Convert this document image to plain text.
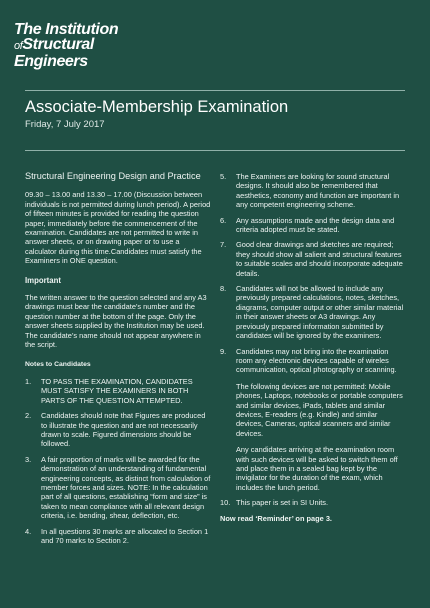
The Institution
ofStructural
Engineers
Associate-Membership Examination
Friday, 7 July 2017
Structural Engineering Design and Practice

09.30 – 13.00 and 13.30 – 17.00 (Discussion between individuals is not permitted during lunch period). A period of fifteen minutes is provided for reading the question paper, immediately before the commencement of the examination. Candidates are not permitted to write in answer sheets, or on drawing paper or to use a calculator during this time.Candidates must satisfy the Examiners in ONE question.

Important

The written answer to the question selected and any A3 drawings must bear the candidate’s number and the question number at the bottom of the page. Only the answer sheets supplied by the Institution may be used. The candidate’s name should not appear anywhere in the script.

Notes to Candidates
1.	TO PASS THE EXAMINATION, CANDIDATES MUST SATISFY THE EXAMINERS IN BOTH PARTS OF THE QUESTION ATTEMPTED.
2.	Candidates should note that Figures are produced to illustrate the question and are not necessarily drawn to scale. Figured dimensions should be followed.
3.	A fair proportion of marks will be awarded for the demonstration of an understanding of fundamental engineering concepts, as distinct from calculation of member forces and sizes. NOTE: In the calculation part of all questions, establishing “form and size” is taken to mean compliance with all relevant design criteria, i.e. bending, shear, deflection, etc.
4.	In all questions 30 marks are allocated to Section 1 and 70 marks to Section 2.
5.	The Examiners are looking for sound structural designs. It should also be remembered that aesthetics, economy and function are important in any competent engineering scheme.
6.	Any assumptions made and the design data and criteria adopted must be stated.
7.	Good clear drawings and sketches are required; they should show all salient and structural features to suitable scales and should incorporate adequate details.
8.	Candidates will not be allowed to include any previously prepared calculations, notes, sketches, diagrams, computer output or other similar material in their answer sheets or A3 drawings. Any previously prepared information submitted by candidates will be ignored by the examiners.
9.	Candidates may not bring into the examination room any electronic devices capable of wireles communication, optical photography or scanning.

The following devices are not permitted: Mobile phones, Laptops, notebooks or portable computers and similar devices, iPads, tablets and similar devices, E-readers (e.g. Kindle) and similar devices, Cameras, optical scanners and similar devices.

Any candidates arriving at the examination room with such devices will be asked to switch them off and place them in a sealed bag kept by the invigilator for the duration of the exam, which includes the lunch period.

10. This paper is set in SI Units.

Now read ‘Reminder’ on page 3.
